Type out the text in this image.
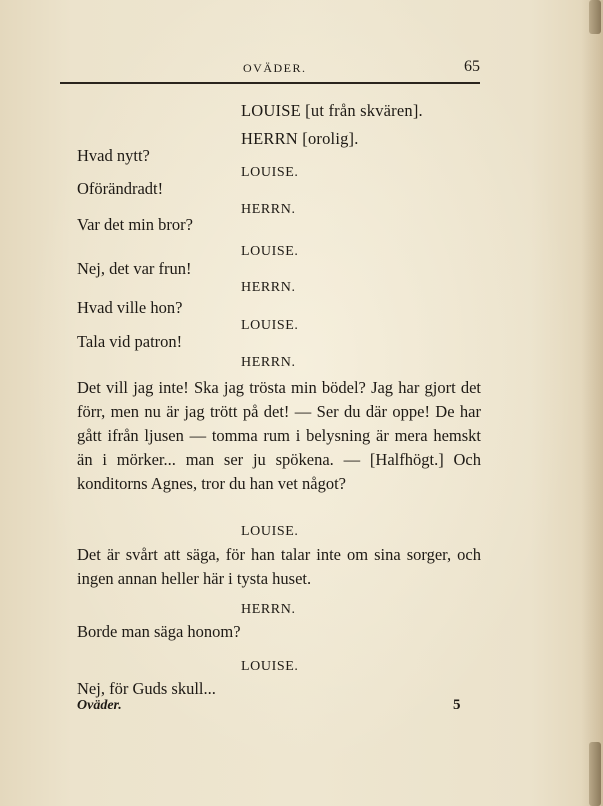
OVÄDER.	65
LOUISE [ut från skvären].
HERRN [orolig].
Hvad nytt?
LOUISE.
Oförändradt!
HERRN.
Var det min bror?
LOUISE.
Nej, det var frun!
HERRN.
Hvad ville hon?
LOUISE.
Tala vid patron!
HERRN.
Det vill jag inte! Ska jag trösta min bödel? Jag har gjort det förr, men nu är jag trött på det! — Ser du där oppe! De har gått ifrån ljusen — tomma rum i belysning är mera hemskt än i mörker... man ser ju spökena. — [Halfhögt.] Och konditorns Agnes, tror du han vet något?
LOUISE.
Det är svårt att säga, för han talar inte om sina sorger, och ingen annan heller här i tysta huset.
HERRN.
Borde man säga honom?
LOUISE.
Nej, för Guds skull...
Oväder.	5
